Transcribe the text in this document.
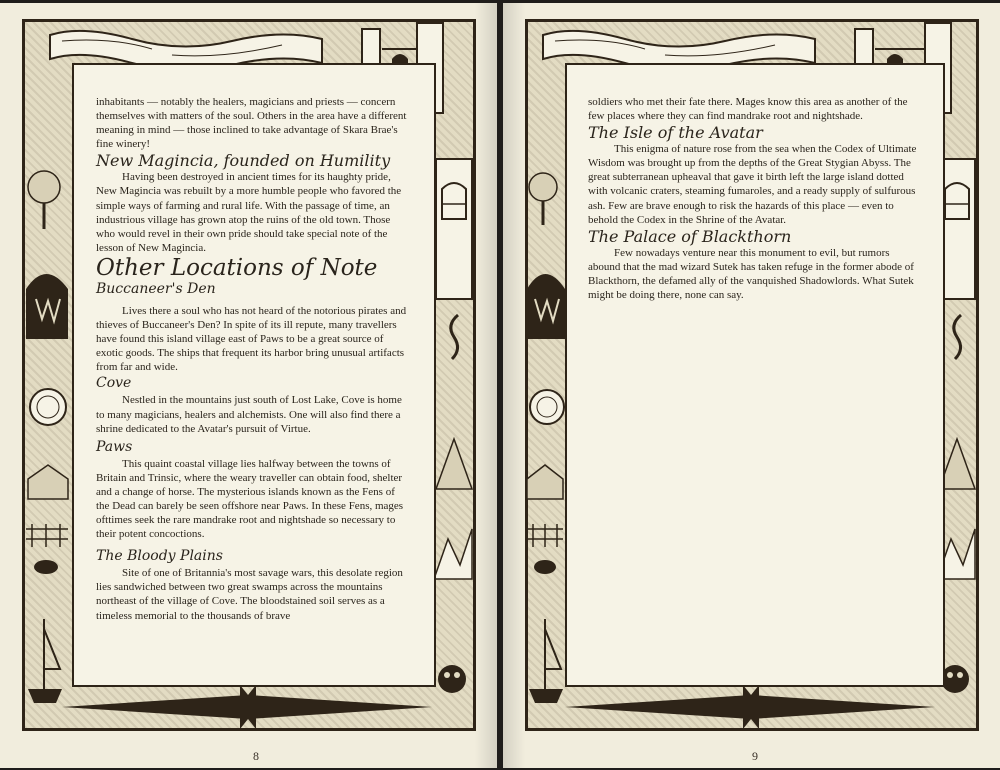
inhabitants — notably the healers, magicians and priests — concern themselves with matters of the soul. Others in the area have a different meaning in mind — those inclined to take advantage of Skara Brae's fine winery!

New Magincia, founded on Humility

Having been destroyed in ancient times for its haughty pride, New Magincia was rebuilt by a more humble people who favored the simple ways of farming and rural life. With the passage of time, an industrious village has grown atop the ruins of the old town. Those who would revel in their own pride should take special note of the lesson of New Magincia.

Other Locations of Note

Buccaneer's Den

Lives there a soul who has not heard of the notorious pirates and thieves of Buccaneer's Den? In spite of its ill repute, many travellers have found this island village east of Paws to be a great source of exotic goods. The ships that frequent its harbor bring unusual artifacts from far and wide.

Cove

Nestled in the mountains just south of Lost Lake, Cove is home to many magicians, healers and alchemists. One will also find there a shrine dedicated to the Avatar's pursuit of Virtue.

Paws

This quaint coastal village lies halfway between the towns of Britain and Trinsic, where the weary traveller can obtain food, shelter and a change of horse. The mysterious islands known as the Fens of the Dead can barely be seen offshore near Paws. In these Fens, mages ofttimes seek the rare mandrake root and nightshade so necessary to their potent concoctions.

The Bloody Plains

Site of one of Britannia's most savage wars, this desolate region lies sandwiched between two great swamps across the mountains northeast of the village of Cove. The bloodstained soil serves as a timeless memorial to the thousands of brave

8

soldiers who met their fate there. Mages know this area as another of the few places where they can find mandrake root and nightshade.

The Isle of the Avatar

This enigma of nature rose from the sea when the Codex of Ultimate Wisdom was brought up from the depths of the Great Stygian Abyss. The great subterranean upheaval that gave it birth left the large island dotted with volcanic craters, steaming fumaroles, and a ready supply of sulfurous ash. Few are brave enough to risk the hazards of this place — even to behold the Codex in the Shrine of the Avatar.

The Palace of Blackthorn

Few nowadays venture near this monument to evil, but rumors abound that the mad wizard Sutek has taken refuge in the former abode of Blackthorn, the defamed ally of the vanquished Shadowlords. What Sutek might be doing there, none can say.

9
